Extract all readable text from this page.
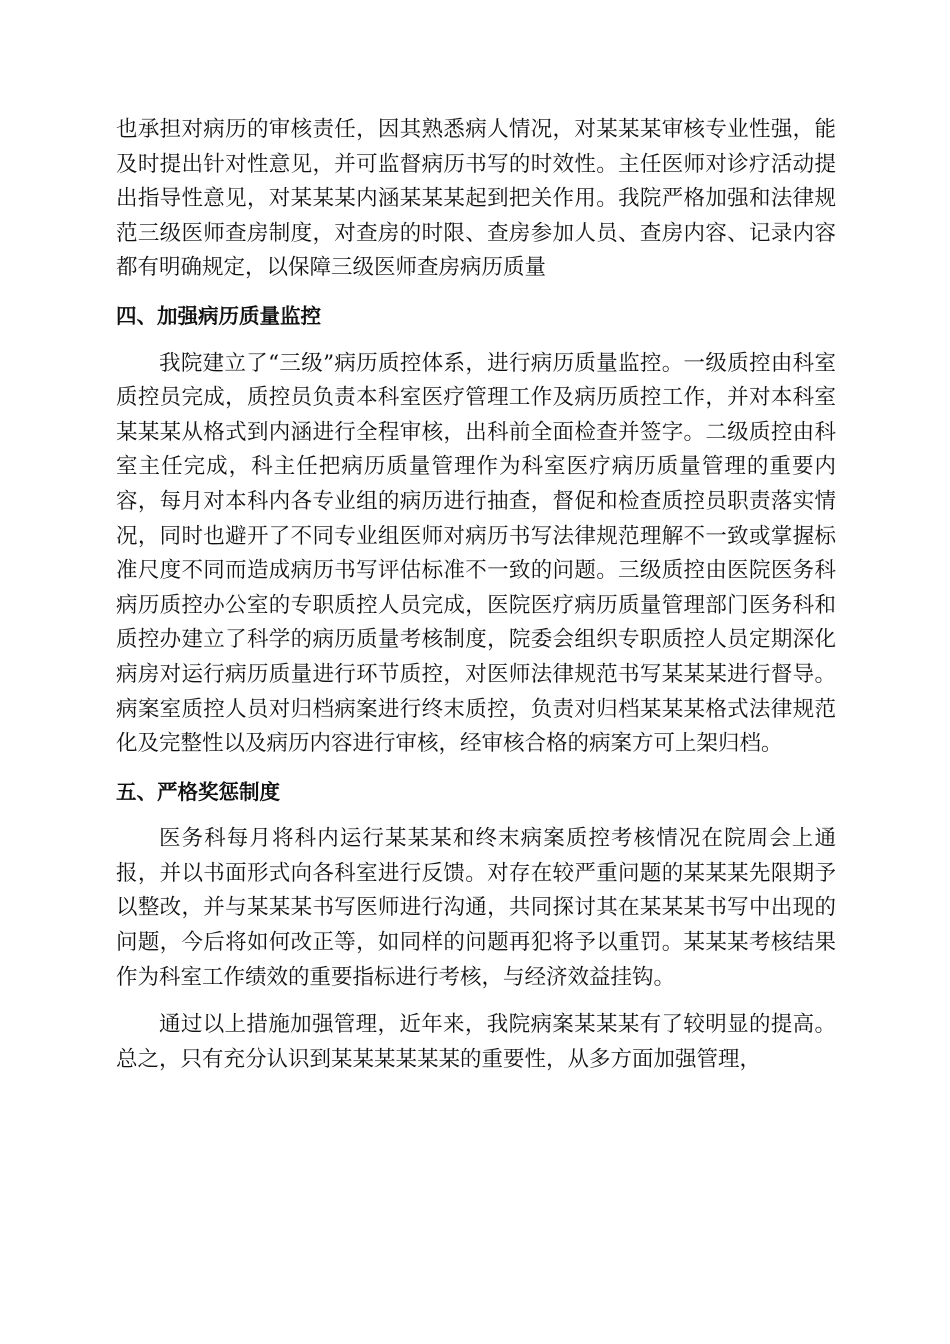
也承担对病历的审核责任，因其熟悉病人情况，对某某某审核专业性强，能及时提出针对性意见，并可监督病历书写的时效性。主任医师对诊疗活动提出指导性意见，对某某某内涵某某某起到把关作用。我院严格加强和法律规范三级医师查房制度，对查房的时限、查房参加人员、查房内容、记录内容都有明确规定，以保障三级医师查房病历质量

四、加强病历质量监控

我院建立了“三级”病历质控体系，进行病历质量监控。一级质控由科室质控员完成，质控员负责本科室医疗管理工作及病历质控工作，并对本科室某某某从格式到内涵进行全程审核，出科前全面检查并签字。二级质控由科室主任完成，科主任把病历质量管理作为科室医疗病历质量管理的重要内容，每月对本科内各专业组的病历进行抽查，督促和检查质控员职责落实情况，同时也避开了不同专业组医师对病历书写法律规范理解不一致或掌握标准尺度不同而造成病历书写评估标准不一致的问题。三级质控由医院医务科病历质控办公室的专职质控人员完成，医院医疗病历质量管理部门医务科和质控办建立了科学的病历质量考核制度，院委会组织专职质控人员定期深化病房对运行病历质量进行环节质控，对医师法律规范书写某某某进行督导。病案室质控人员对归档病案进行终末质控，负责对归档某某某格式法律规范化及完整性以及病历内容进行审核，经审核合格的病案方可上架归档。

五、严格奖惩制度

医务科每月将科内运行某某某和终末病案质控考核情况在院周会上通报，并以书面形式向各科室进行反馈。对存在较严重问题的某某某先限期予以整改，并与某某某书写医师进行沟通，共同探讨其在某某某书写中出现的问题，今后将如何改正等，如同样的问题再犯将予以重罚。某某某考核结果作为科室工作绩效的重要指标进行考核，与经济效益挂钩。

通过以上措施加强管理，近年来，我院病案某某某有了较明显的提高。总之，只有充分认识到某某某某某某的重要性，从多方面加强管理，
